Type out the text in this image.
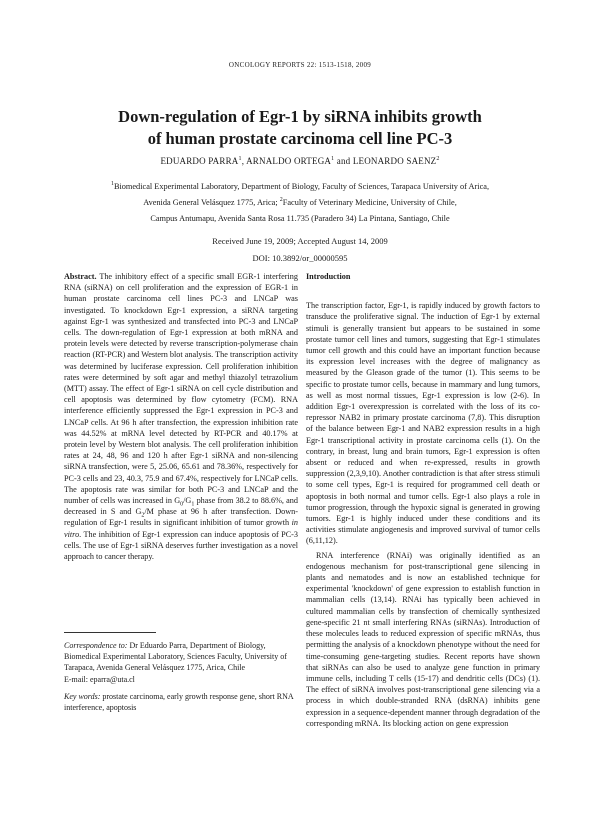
ONCOLOGY REPORTS 22: 1513-1518, 2009
Down-regulation of Egr-1 by siRNA inhibits growth
of human prostate carcinoma cell line PC-3
EDUARDO PARRA$^1$, ARNALDO ORTEGA$^1$ and LEONARDO SAENZ$^2$
$^1$Biomedical Experimental Laboratory, Department of Biology, Faculty of Sciences, Tarapaca University of Arica,
Avenida General Velásquez 1775, Arica; $^2$Faculty of Veterinary Medicine, University of Chile,
Campus Antumapu, Avenida Santa Rosa 11.735 (Paradero 34) La Pintana, Santiago, Chile
Received June 19, 2009; Accepted August 14, 2009
DOI: 10.3892/or_00000595

Abstract. The inhibitory effect of a specific small EGR-1 interfering RNA (siRNA) on cell proliferation and the expression of EGR-1 in human prostate carcinoma cell lines PC-3 and LNCaP was investigated. To knockdown Egr-1 expression, a siRNA targeting against Egr-1 was synthesized and transfected into PC-3 and LNCaP cells. The down-regulation of Egr-1 expression at both mRNA and protein levels were detected by reverse transcription-polymerase chain reaction (RT-PCR) and Western blot analysis. The transcription activity was determined by luciferase expression. Cell proliferation inhibition rates were determined by soft agar and methyl thiazolyl tetrazolium (MTT) assay. The effect of Egr-1 siRNA on cell cycle distribution and cell apoptosis was determined by flow cytometry (FCM). RNA interference efficiently suppressed the Egr-1 expression in PC-3 and LNCaP cells. At 96 h after transfection, the expression inhibition rate was 44.52% at mRNA level detected by RT-PCR and 40.17% at protein level by Western blot analysis. The cell proliferation inhibition rates at 24, 48, 96 and 120 h after Egr-1 siRNA and non-silencing siRNA transfection, were 5, 25.06, 65.61 and 78.36%, respectively for PC-3 cells and 23, 40.3, 75.9 and 67.4%, respectively for LNCaP cells. The apoptosis rate was similar for both PC-3 and LNCaP and the number of cells was increased in $G_0/G_1$ phase from 38.2 to 88.6%, and decreased in S and $G_2/M$ phase at 96 h after transfection. Down-regulation of Egr-1 results in significant inhibition of tumor growth in vitro. The inhibition of Egr-1 expression can induce apoptosis of PC-3 cells. The use of Egr-1 siRNA deserves further investigation as a novel approach to cancer therapy.

Correspondence to: Dr Eduardo Parra, Department of Biology, Biomedical Experimental Laboratory, Sciences Faculty, University of Tarapaca, Avenida General Velásquez 1775, Arica, Chile

E-mail: eparra@uta.cl

Key words: prostate carcinoma, early growth response gene, short RNA interference, apoptosis

Introduction

The transcription factor, Egr-1, is rapidly induced by growth factors to transduce the proliferative signal. The induction of Egr-1 by external stimuli is generally transient but appears to be sustained in some prostate tumor cell lines and tumors, suggesting that Egr-1 stimulates tumor cell growth and this could have an important function because its expression level increases with the degree of malignancy as measured by the Gleason grade of the tumor (1). This seems to be specific to prostate tumor cells, because in mammary and lung tumors, as well as most normal tissues, Egr-1 expression is low (2-6). In addition Egr-1 overexpression is correlated with the loss of its co-repressor NAB2 in primary prostate carcinoma (7,8). This disruption of the balance between Egr-1 and NAB2 expression results in a high Egr-1 transcriptional activity in prostate carcinoma cells (1). On the contrary, in breast, lung and brain tumors, Egr-1 expression is often absent or reduced and when re-expressed, results in growth suppression (2,3,9,10). Another contradiction is that after stress stimuli to some cell types, Egr-1 is required for programmed cell death or apoptosis in both normal and tumor cells. Egr-1 also plays a role in tumor progression, through the hypoxic signal is generated in growing tumors. Egr-1 is highly induced under these conditions and its activities stimulate angiogenesis and improved survival of tumor cells (6,11,12).

RNA interference (RNAi) was originally identified as an endogenous mechanism for post-transcriptional gene silencing in plants and nematodes and is now an established technique for experimental 'knockdown' of gene expression to establish function in mammalian cells (13,14). RNAi has typically been achieved in cultured mammalian cells by transfection of chemically synthesized gene-specific 21 nt small interfering RNAs (siRNAs). Introduction of these molecules leads to reduced expression of specific mRNAs, thus permitting the analysis of a knockdown phenotype without the need for time-consuming gene-targeting studies. Recent reports have shown that siRNAs can also be used to analyze gene function in primary immune cells, including T cells (15-17) and dendritic cells (DCs) (1). The effect of siRNA involves post-transcriptional gene silencing via a process in which double-stranded RNA (dsRNA) inhibits gene expression in a sequence-dependent manner through degradation of the corresponding mRNA. Its blocking action on gene expression
